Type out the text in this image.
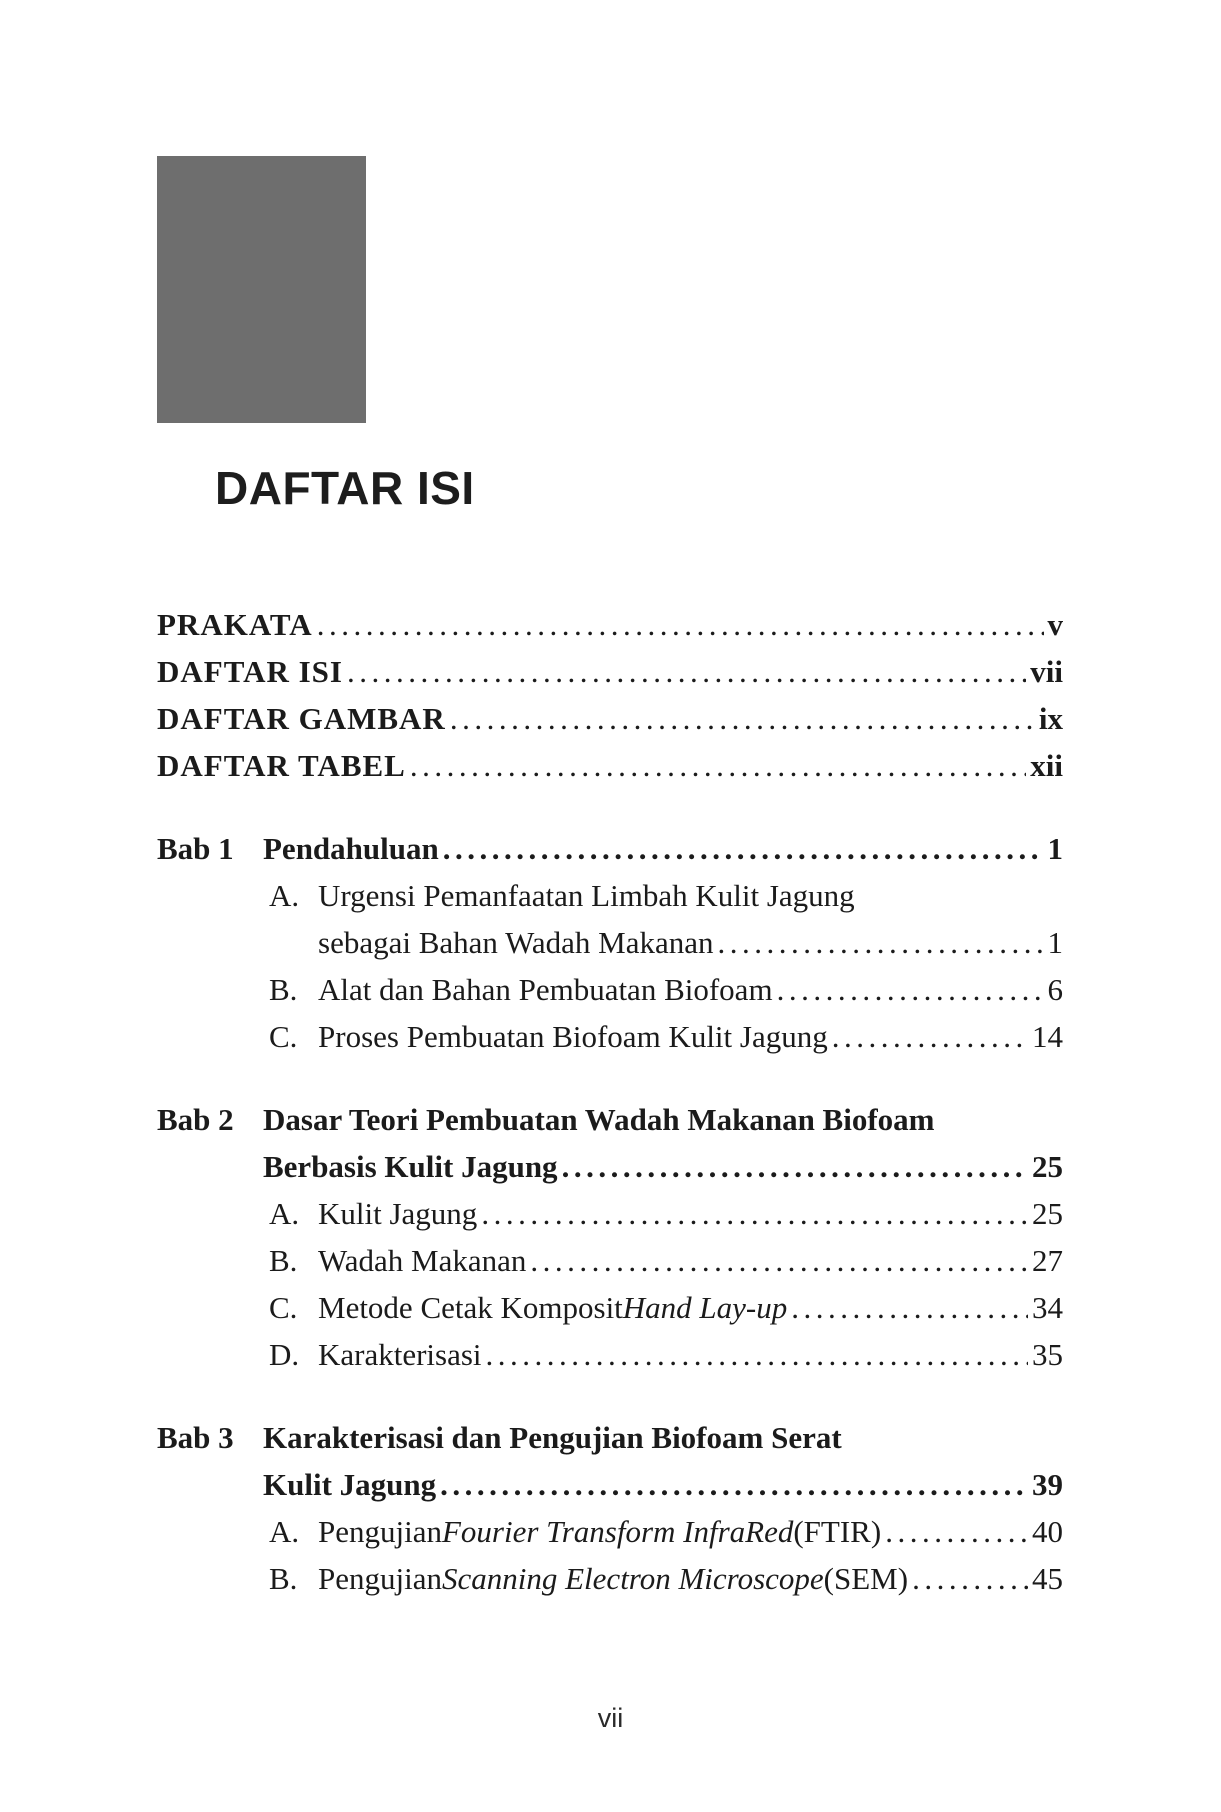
DAFTAR ISI
PRAKATA .....	v
DAFTAR ISI .....	vii
DAFTAR GAMBAR .....	ix
DAFTAR TABEL .....	xii
Bab 1 Pendahuluan .....	1
A. Urgensi Pemanfaatan Limbah Kulit Jagung
sebagai Bahan Wadah Makanan .....	1
B. Alat dan Bahan Pembuatan Biofoam .....	6
C. Proses Pembuatan Biofoam Kulit Jagung .....	14
Bab 2 Dasar Teori Pembuatan Wadah Makanan Biofoam
Berbasis Kulit Jagung .....	25
A. Kulit Jagung .....	25
B. Wadah Makanan .....	27
C. Metode Cetak Komposit Hand Lay-up .....	34
D. Karakterisasi .....	35
Bab 3 Karakterisasi dan Pengujian Biofoam Serat
Kulit Jagung .....	39
A. Pengujian Fourier Transform InfraRed (FTIR) .....	40
B. Pengujian Scanning Electron Microscope (SEM) .....	45
vii
